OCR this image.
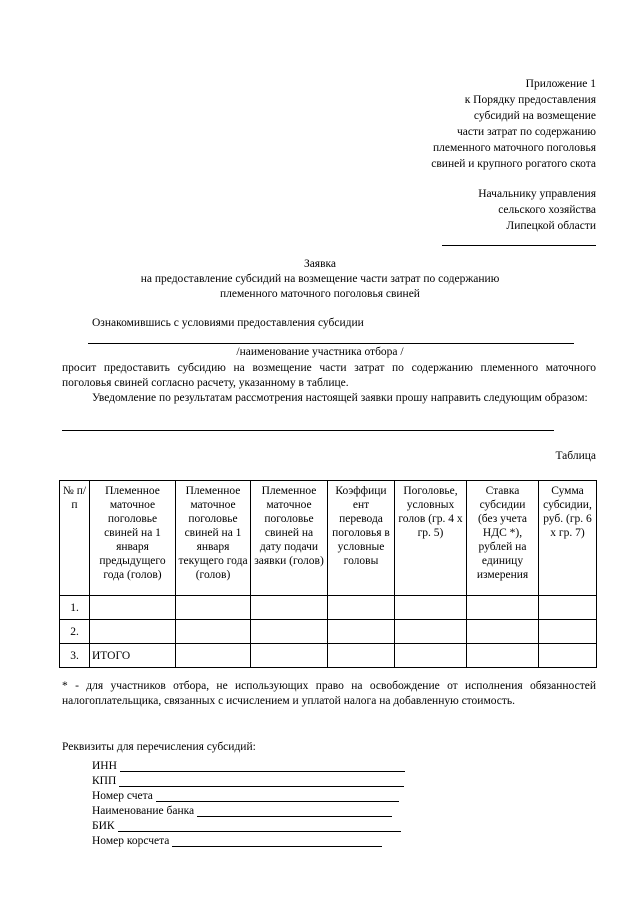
Приложение 1
к Порядку предоставления
субсидий на возмещение
части затрат по содержанию
племенного маточного поголовья
свиней и крупного рогатого скота
Начальнику управления
сельского хозяйства
Липецкой области
Заявка
на предоставление субсидий на возмещение части затрат по содержанию
племенного маточного поголовья свиней
Ознакомившись с условиями предоставления субсидии
/наименование участника отбора /
просит предоставить субсидию на возмещение части затрат по содержанию племенного маточного поголовья свиней согласно расчету, указанному в таблице.
Уведомление по результатам рассмотрения настоящей заявки прошу направить следующим образом:
Таблица
№ п/п	Племенное маточное поголовье свиней на 1 января предыдущего года (голов)	Племенное маточное поголовье свиней на 1 января текущего года (голов)	Племенное маточное поголовье свиней на дату подачи заявки (голов)	Коэффици ент перевода поголовья в условные головы	Поголовье, условных голов (гр. 4 х гр. 5)	Ставка субсидии (без учета НДС *), рублей на единицу измерения	Сумма субсидии, руб. (гр. 6 х гр. 7)
1.							
2.							
3.	ИТОГО						
* - для участников отбора, не использующих право на освобождение от исполнения обязанностей налогоплательщика, связанных с исчислением и уплатой налога на добавленную стоимость.
Реквизиты для перечисления субсидий:
ИНН
КПП
Номер счета
Наименование банка
БИК
Номер корсчета
